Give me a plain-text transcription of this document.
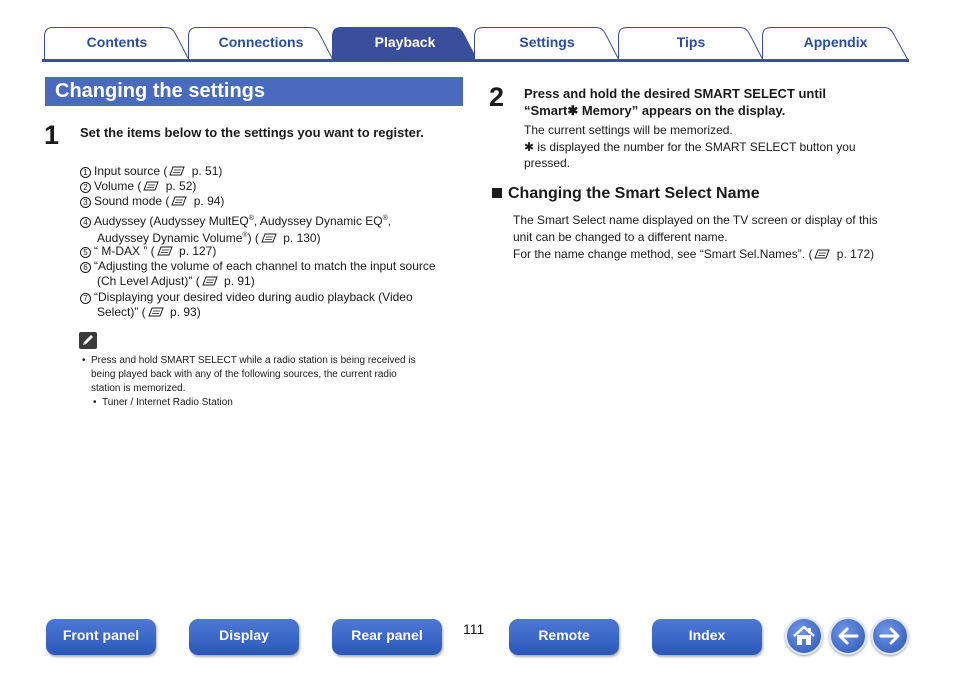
Contents	Connections	Playback	Settings	Tips	Appendix
Changing the settings
1 Set the items below to the settings you want to register.
1 Input source ( p. 51)
2 Volume ( p. 52)
3 Sound mode ( p. 94)
4 Audyssey (Audyssey MultEQ®, Audyssey Dynamic EQ®,
Audyssey Dynamic Volume®) ( p. 130)
5 “ M-DAX ” ( p. 127)
6 “Adjusting the volume of each channel to match the input source
(Ch Level Adjust)” ( p. 91)
7 “Displaying your desired video during audio playback (Video
Select)” ( p. 93)
• Press and hold SMART SELECT while a radio station is being received is
being played back with any of the following sources, the current radio
station is memorized.
• Tuner / Internet Radio Station
2 Press and hold the desired SMART SELECT until
“Smart✱ Memory” appears on the display.
The current settings will be memorized.
✱ is displayed the number for the SMART SELECT button you
pressed.
Changing the Smart Select Name
The Smart Select name displayed on the TV screen or display of this
unit can be changed to a different name.
For the name change method, see “Smart Sel.Names”. ( p. 172)
Front panel	Display	Rear panel	111	Remote	Index
